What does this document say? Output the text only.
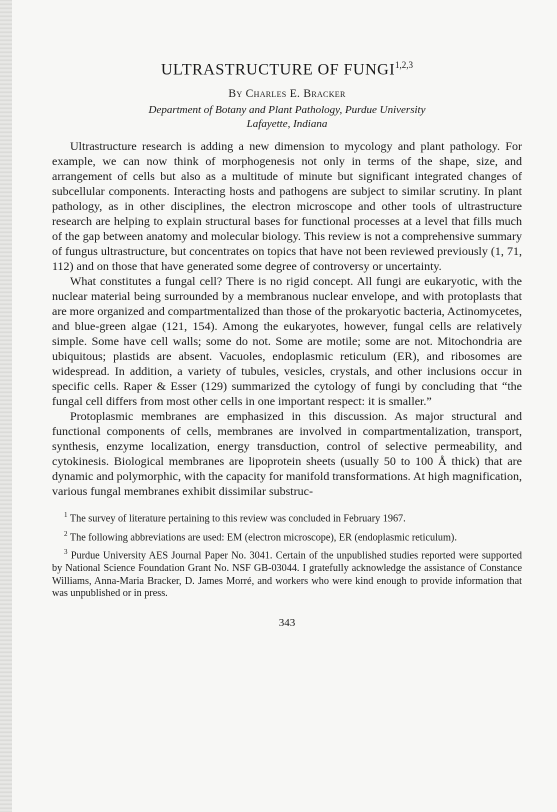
ULTRASTRUCTURE OF FUNGI$^{1,2,3}$
By Charles E. Bracker
Department of Botany and Plant Pathology, Purdue University
Lafayette, Indiana

Ultrastructure research is adding a new dimension to mycology and plant pathology. For example, we can now think of morphogenesis not only in terms of the shape, size, and arrangement of cells but also as a multitude of minute but significant integrated changes of subcellular components. Interacting hosts and pathogens are subject to similar scrutiny. In plant pathology, as in other disciplines, the electron microscope and other tools of ultrastructure research are helping to explain structural bases for functional processes at a level that fills much of the gap between anatomy and molecular biology. This review is not a comprehensive summary of fungus ultrastructure, but concentrates on topics that have not been reviewed previously (1, 71, 112) and on those that have generated some degree of controversy or uncertainty.

What constitutes a fungal cell? There is no rigid concept. All fungi are eukaryotic, with the nuclear material being surrounded by a membranous nuclear envelope, and with protoplasts that are more organized and compartmentalized than those of the prokaryotic bacteria, Actinomycetes, and blue-green algae (121, 154). Among the eukaryotes, however, fungal cells are relatively simple. Some have cell walls; some do not. Some are motile; some are not. Mitochondria are ubiquitous; plastids are absent. Vacuoles, endoplasmic reticulum (ER), and ribosomes are widespread. In addition, a variety of tubules, vesicles, crystals, and other inclusions occur in specific cells. Raper & Esser (129) summarized the cytology of fungi by concluding that “the fungal cell differs from most other cells in one important respect: it is smaller.”

Protoplasmic membranes are emphasized in this discussion. As major structural and functional components of cells, membranes are involved in compartmentalization, transport, synthesis, enzyme localization, energy transduction, control of selective permeability, and cytokinesis. Biological membranes are lipoprotein sheets (usually 50 to 100 Å thick) that are dynamic and polymorphic, with the capacity for manifold transformations. At high magnification, various fungal membranes exhibit dissimilar substruc-

$^1$ The survey of literature pertaining to this review was concluded in February 1967.

$^2$ The following abbreviations are used: EM (electron microscope), ER (endoplasmic reticulum).

$^3$ Purdue University AES Journal Paper No. 3041. Certain of the unpublished studies reported were supported by National Science Foundation Grant No. NSF GB-03044. I gratefully acknowledge the assistance of Constance Williams, Anna-Maria Bracker, D. James Morré, and workers who were kind enough to provide information that was unpublished or in press.

343
